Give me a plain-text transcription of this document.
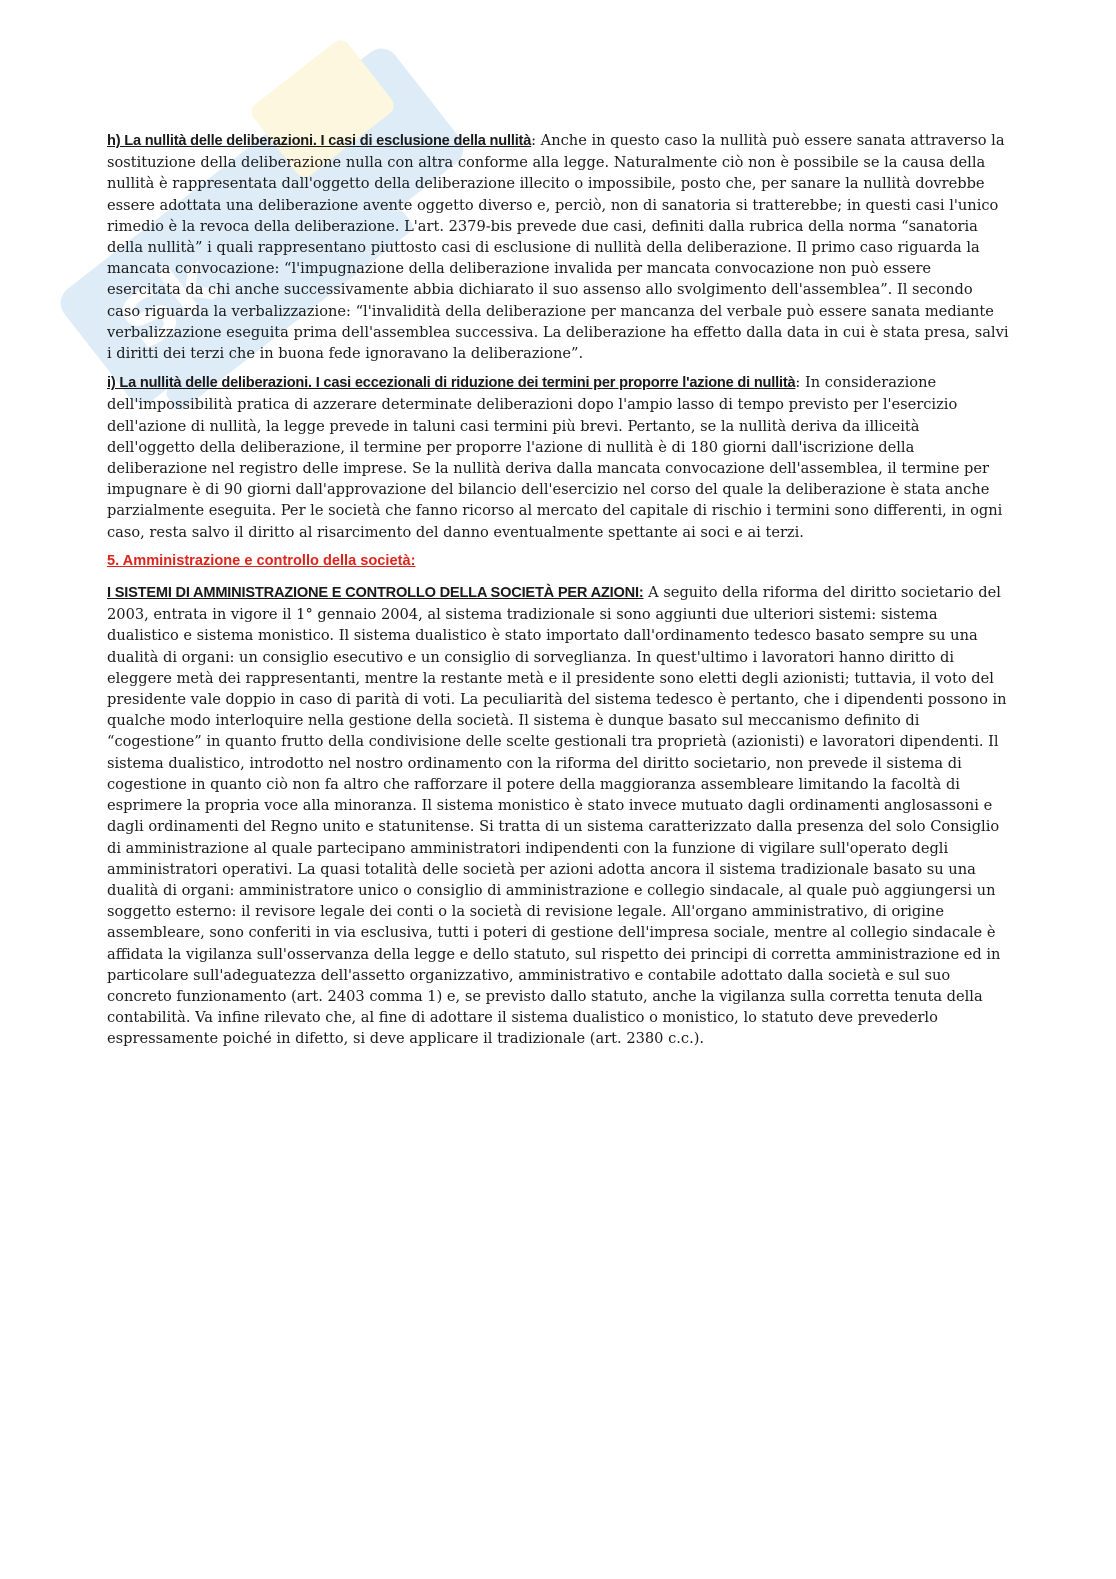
Sk

h) La nullità delle deliberazioni. I casi di esclusione della nullità: Anche in questo caso la nullità può essere sanata attraverso la sostituzione della deliberazione nulla con altra conforme alla legge. Naturalmente ciò non è possibile se la causa della nullità è rappresentata dall'oggetto della deliberazione illecito o impossibile, posto che, per sanare la nullità dovrebbe essere adottata una deliberazione avente oggetto diverso e, perciò, non di sanatoria si tratterebbe; in questi casi l'unico rimedio è la revoca della deliberazione. L'art. 2379-bis prevede due casi, definiti dalla rubrica della norma “sanatoria della nullità” i quali rappresentano piuttosto casi di esclusione di nullità della deliberazione. Il primo caso riguarda la mancata convocazione: “l'impugnazione della deliberazione invalida per mancata convocazione non può essere esercitata da chi anche successivamente abbia dichiarato il suo assenso allo svolgimento dell'assemblea”. Il secondo caso riguarda la verbalizzazione: “l'invalidità della deliberazione per mancanza del verbale può essere sanata mediante verbalizzazione eseguita prima dell'assemblea successiva. La deliberazione ha effetto dalla data in cui è stata presa, salvi i diritti dei terzi che in buona fede ignoravano la deliberazione”.

i) La nullità delle deliberazioni. I casi eccezionali di riduzione dei termini per proporre l'azione di nullità: In considerazione dell'impossibilità pratica di azzerare determinate deliberazioni dopo l'ampio lasso di tempo previsto per l'esercizio dell'azione di nullità, la legge prevede in taluni casi termini più brevi. Pertanto, se la nullità deriva da illiceità dell'oggetto della deliberazione, il termine per proporre l'azione di nullità è di 180 giorni dall'iscrizione della deliberazione nel registro delle imprese. Se la nullità deriva dalla mancata convocazione dell'assemblea, il termine per impugnare è di 90 giorni dall'approvazione del bilancio dell'esercizio nel corso del quale la deliberazione è stata anche parzialmente eseguita. Per le società che fanno ricorso al mercato del capitale di rischio i termini sono differenti, in ogni caso, resta salvo il diritto al risarcimento del danno eventualmente spettante ai soci e ai terzi.

5. Amministrazione e controllo della società:

I SISTEMI DI AMMINISTRAZIONE E CONTROLLO DELLA SOCIETÀ PER AZIONI: A seguito della riforma del diritto societario del 2003, entrata in vigore il 1° gennaio 2004, al sistema tradizionale si sono aggiunti due ulteriori sistemi: sistema dualistico e sistema monistico. Il sistema dualistico è stato importato dall'ordinamento tedesco basato sempre su una dualità di organi: un consiglio esecutivo e un consiglio di sorveglianza. In quest'ultimo i lavoratori hanno diritto di eleggere metà dei rappresentanti, mentre la restante metà e il presidente sono eletti degli azionisti; tuttavia, il voto del presidente vale doppio in caso di parità di voti. La peculiarità del sistema tedesco è pertanto, che i dipendenti possono in qualche modo interloquire nella gestione della società. Il sistema è dunque basato sul meccanismo definito di “cogestione” in quanto frutto della condivisione delle scelte gestionali tra proprietà (azionisti) e lavoratori dipendenti. Il sistema dualistico, introdotto nel nostro ordinamento con la riforma del diritto societario, non prevede il sistema di cogestione in quanto ciò non fa altro che rafforzare il potere della maggioranza assembleare limitando la facoltà di esprimere la propria voce alla minoranza. Il sistema monistico è stato invece mutuato dagli ordinamenti anglosassoni e dagli ordinamenti del Regno unito e statunitense. Si tratta di un sistema caratterizzato dalla presenza del solo Consiglio di amministrazione al quale partecipano amministratori indipendenti con la funzione di vigilare sull'operato degli amministratori operativi. La quasi totalità delle società per azioni adotta ancora il sistema tradizionale basato su una dualità di organi: amministratore unico o consiglio di amministrazione e collegio sindacale, al quale può aggiungersi un soggetto esterno: il revisore legale dei conti o la società di revisione legale. All'organo amministrativo, di origine assembleare, sono conferiti in via esclusiva, tutti i poteri di gestione dell'impresa sociale, mentre al collegio sindacale è affidata la vigilanza sull'osservanza della legge e dello statuto, sul rispetto dei principi di corretta amministrazione ed in particolare sull'adeguatezza dell'assetto organizzativo, amministrativo e contabile adottato dalla società e sul suo concreto funzionamento (art. 2403 comma 1) e, se previsto dallo statuto, anche la vigilanza sulla corretta tenuta della contabilità. Va infine rilevato che, al fine di adottare il sistema dualistico o monistico, lo statuto deve prevederlo espressamente poiché in difetto, si deve applicare il tradizionale (art. 2380 c.c.).
